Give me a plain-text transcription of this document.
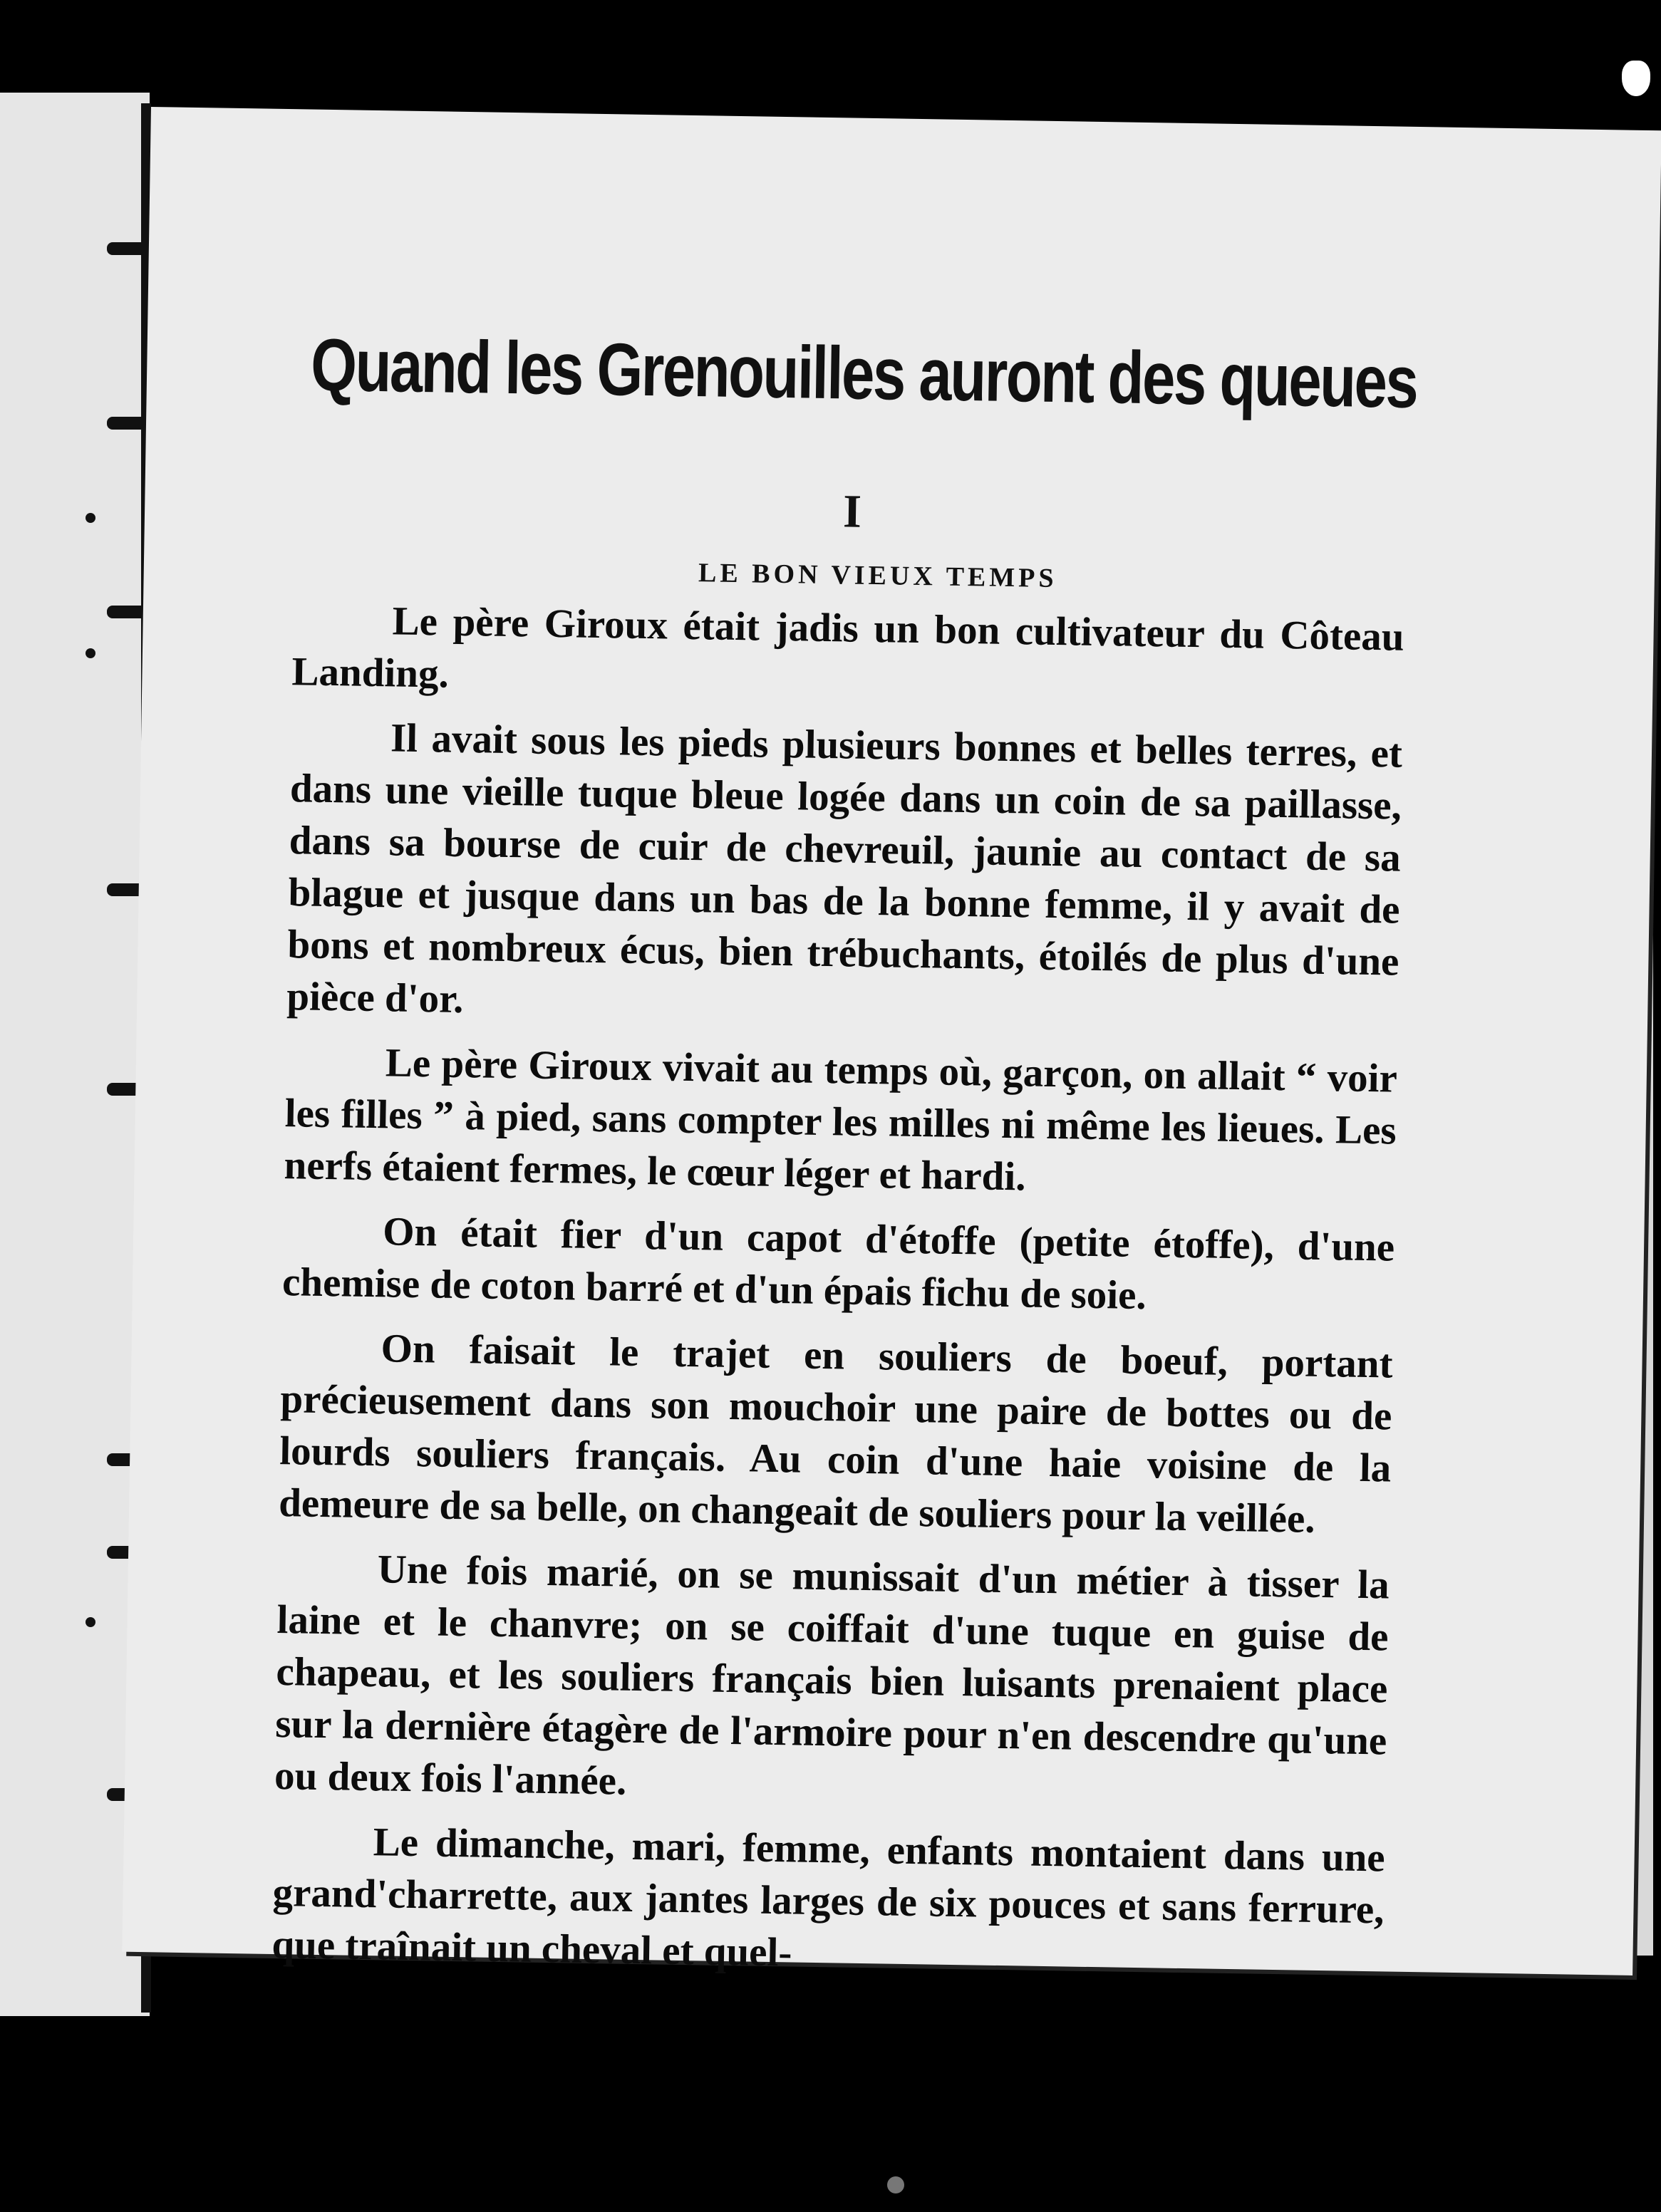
Quand les Grenouilles auront des queues
I
LE BON VIEUX TEMPS

Le père Giroux était jadis un bon cultivateur du Côteau Landing.

Il avait sous les pieds plusieurs bonnes et belles terres, et dans une vieille tuque bleue logée dans un coin de sa paillasse, dans sa bourse de cuir de chevreuil, jaunie au contact de sa blague et jusque dans un bas de la bonne femme, il y avait de bons et nombreux écus, bien trébuchants, étoilés de plus d'une pièce d'or.

Le père Giroux vivait au temps où, garçon, on allait “ voir les filles ” à pied, sans compter les milles ni même les lieues. Les nerfs étaient fermes, le cœur léger et hardi.

On était fier d'un capot d'étoffe (petite étoffe), d'une chemise de coton barré et d'un épais fichu de soie.

On faisait le trajet en souliers de boeuf, portant précieusement dans son mouchoir une paire de bottes ou de lourds souliers français. Au coin d'une haie voisine de la demeure de sa belle, on changeait de souliers pour la veillée.

Une fois marié, on se munissait d'un métier à tisser la laine et le chanvre; on se coiffait d'une tuque en guise de chapeau, et les souliers français bien luisants prenaient place sur la dernière étagère de l'armoire pour n'en descendre qu'une ou deux fois l'année.

Le dimanche, mari, femme, enfants montaient dans une grand'charrette, aux jantes larges de six pouces et sans ferrure, que traînait un cheval et quel-
